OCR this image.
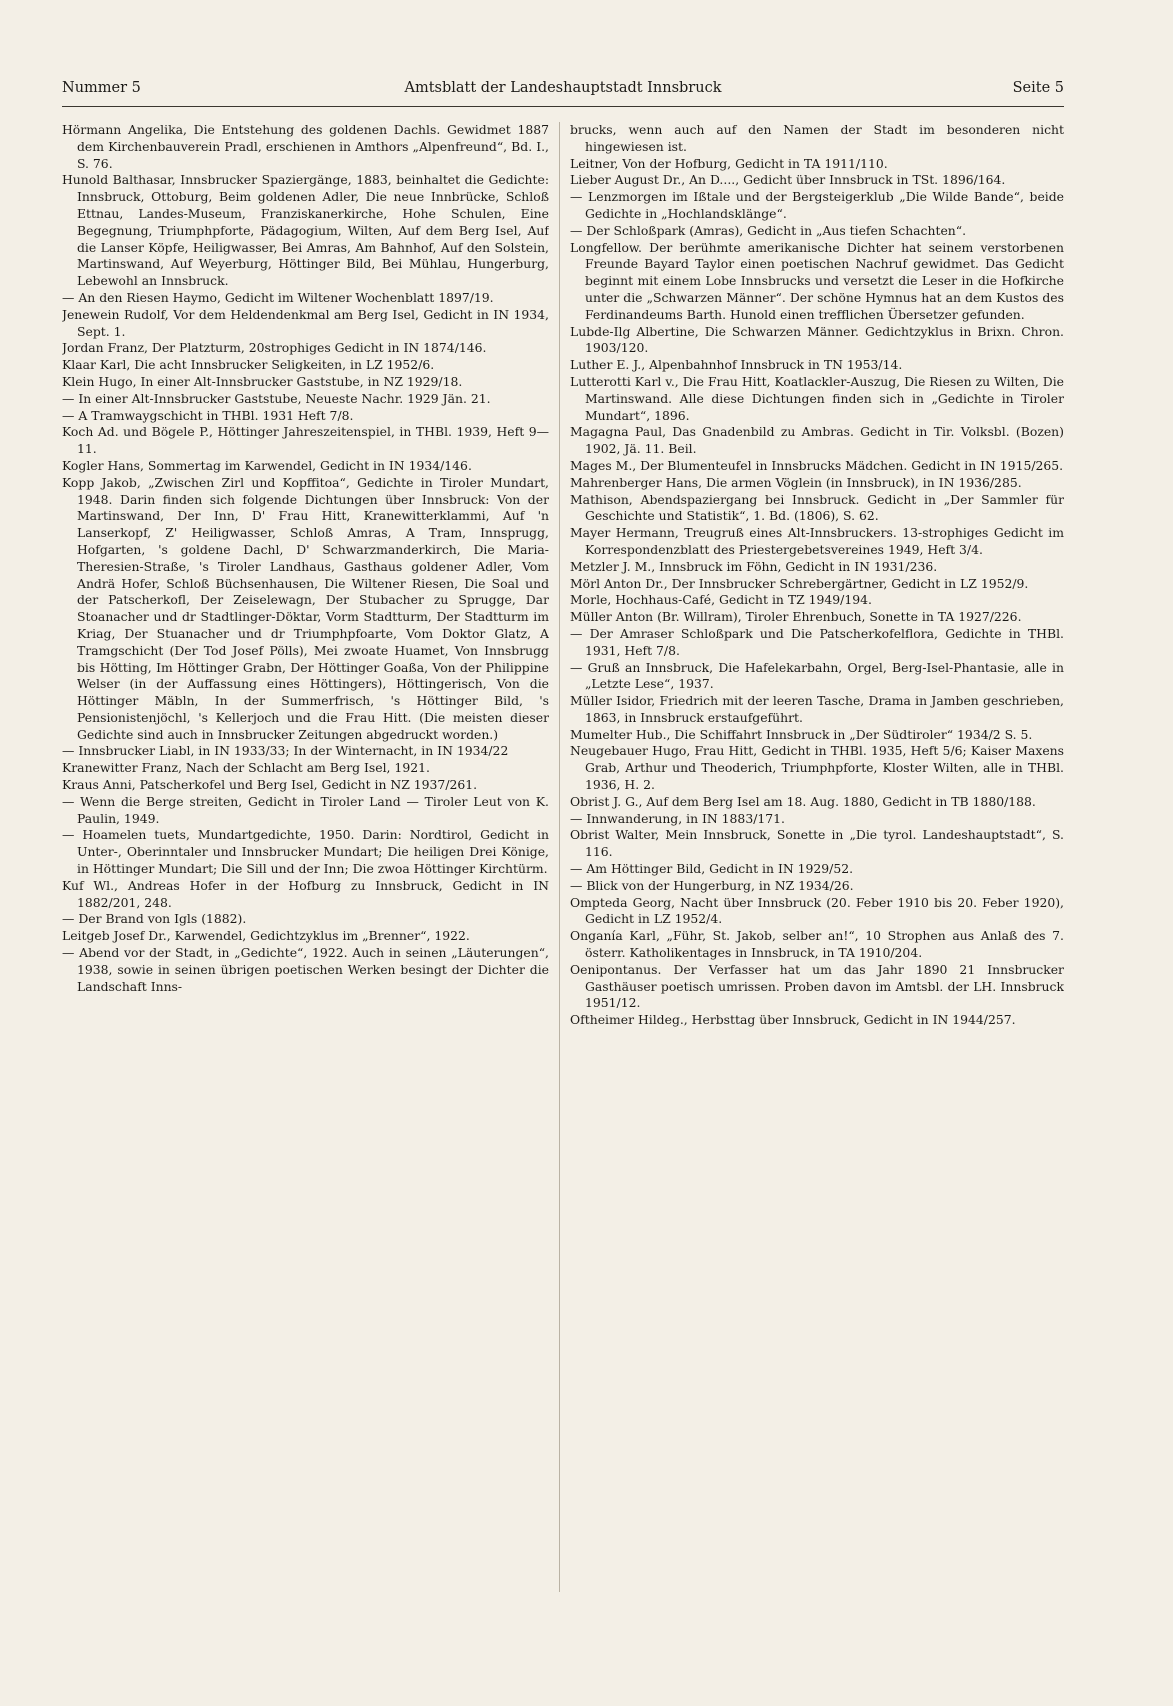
Nummer 5	Amtsblatt der Landeshauptstadt Innsbruck	Seite 5

Hörmann Angelika, Die Entstehung des goldenen Dachls. Gewidmet 1887 dem Kirchenbauverein Pradl, erschienen in Amthors „Alpenfreund“, Bd. I., S. 76.

Hunold Balthasar, Innsbrucker Spaziergänge, 1883, beinhaltet die Gedichte: Innsbruck, Ottoburg, Beim goldenen Adler, Die neue Innbrücke, Schloß Ettnau, Landes-Museum, Franziskanerkirche, Hohe Schulen, Eine Begegnung, Triumphpforte, Pädagogium, Wilten, Auf dem Berg Isel, Auf die Lanser Köpfe, Heiligwasser, Bei Amras, Am Bahnhof, Auf den Solstein, Martinswand, Auf Weyerburg, Höttinger Bild, Bei Mühlau, Hungerburg, Lebewohl an Innsbruck.

— An den Riesen Haymo, Gedicht im Wiltener Wochenblatt 1897/19.

Jenewein Rudolf, Vor dem Heldendenkmal am Berg Isel, Gedicht in IN 1934, Sept. 1.

Jordan Franz, Der Platzturm, 20strophiges Gedicht in IN 1874/146.

Klaar Karl, Die acht Innsbrucker Seligkeiten, in LZ 1952/6.

Klein Hugo, In einer Alt-Innsbrucker Gaststube, in NZ 1929/18.

— In einer Alt-Innsbrucker Gaststube, Neueste Nachr. 1929 Jän. 21.

— A Tramwaygschicht in THBl. 1931 Heft 7/8.

Koch Ad. und Bögele P., Höttinger Jahreszeitenspiel, in THBl. 1939, Heft 9—11.

Kogler Hans, Sommertag im Karwendel, Gedicht in IN 1934/146.

Kopp Jakob, „Zwischen Zirl und Kopffitoa“, Gedichte in Tiroler Mundart, 1948. Darin finden sich folgende Dichtungen über Innsbruck: Von der Martinswand, Der Inn, D' Frau Hitt, Kranewitterklammi, Auf 'n Lanserkopf, Z' Heiligwasser, Schloß Amras, A Tram, Innsprugg, Hofgarten, 's goldene Dachl, D' Schwarzmanderkirch, Die Maria-Theresien-Straße, 's Tiroler Landhaus, Gasthaus goldener Adler, Vom Andrä Hofer, Schloß Büchsenhausen, Die Wiltener Riesen, Die Soal und der Patscherkofl, Der Zeiselewagn, Der Stubacher zu Sprugge, Dar Stoanacher und dr Stadtlinger-Döktar, Vorm Stadtturm, Der Stadtturm im Kriag, Der Stuanacher und dr Triumphpfoarte, Vom Doktor Glatz, A Tramgschicht (Der Tod Josef Pölls), Mei zwoate Huamet, Von Innsbrugg bis Hötting, Im Höttinger Grabn, Der Höttinger Goaßa, Von der Philippine Welser (in der Auffassung eines Höttingers), Höttingerisch, Von die Höttinger Mäbln, In der Summerfrisch, 's Höttinger Bild, 's Pensionistenjöchl, 's Kellerjoch und die Frau Hitt. (Die meisten dieser Gedichte sind auch in Innsbrucker Zeitungen abgedruckt worden.)

— Innsbrucker Liabl, in IN 1933/33; In der Winternacht, in IN 1934/22

Kranewitter Franz, Nach der Schlacht am Berg Isel, 1921.

Kraus Anni, Patscherkofel und Berg Isel, Gedicht in NZ 1937/261.

— Wenn die Berge streiten, Gedicht in Tiroler Land — Tiroler Leut von K. Paulin, 1949.

— Hoamelen tuets, Mundartgedichte, 1950. Darin: Nordtirol, Gedicht in Unter-, Oberinntaler und Innsbrucker Mundart; Die heiligen Drei Könige, in Höttinger Mundart; Die Sill und der Inn; Die zwoa Höttinger Kirchtürm.

Kuf Wl., Andreas Hofer in der Hofburg zu Innsbruck, Gedicht in IN 1882/201, 248.

— Der Brand von Igls (1882).

Leitgeb Josef Dr., Karwendel, Gedichtzyklus im „Brenner“, 1922.

— Abend vor der Stadt, in „Gedichte“, 1922. Auch in seinen „Läuterungen“, 1938, sowie in seinen übrigen poetischen Werken besingt der Dichter die Landschaft Inns-

brucks, wenn auch auf den Namen der Stadt im besonderen nicht hingewiesen ist.

Leitner, Von der Hofburg, Gedicht in TA 1911/110.

Lieber August Dr., An D...., Gedicht über Innsbruck in TSt. 1896/164.

— Lenzmorgen im Ißtale und der Bergsteigerklub „Die Wilde Bande“, beide Gedichte in „Hochlandsklänge“.

— Der Schloßpark (Amras), Gedicht in „Aus tiefen Schachten“.

Longfellow. Der berühmte amerikanische Dichter hat seinem verstorbenen Freunde Bayard Taylor einen poetischen Nachruf gewidmet. Das Gedicht beginnt mit einem Lobe Innsbrucks und versetzt die Leser in die Hofkirche unter die „Schwarzen Männer“. Der schöne Hymnus hat an dem Kustos des Ferdinandeums Barth. Hunold einen trefflichen Übersetzer gefunden.

Lubde-Ilg Albertine, Die Schwarzen Männer. Gedichtzyklus in Brixn. Chron. 1903/120.

Luther E. J., Alpenbahnhof Innsbruck in TN 1953/14.

Lutterotti Karl v., Die Frau Hitt, Koatlackler-Auszug, Die Riesen zu Wilten, Die Martinswand. Alle diese Dichtungen finden sich in „Gedichte in Tiroler Mundart“, 1896.

Magagna Paul, Das Gnadenbild zu Ambras. Gedicht in Tir. Volksbl. (Bozen) 1902, Jä. 11. Beil.

Mages M., Der Blumenteufel in Innsbrucks Mädchen. Gedicht in IN 1915/265.

Mahrenberger Hans, Die armen Vöglein (in Innsbruck), in IN 1936/285.

Mathison, Abendspaziergang bei Innsbruck. Gedicht in „Der Sammler für Geschichte und Statistik“, 1. Bd. (1806), S. 62.

Mayer Hermann, Treugruß eines Alt-Innsbruckers. 13-strophiges Gedicht im Korrespondenzblatt des Priestergebetsvereines 1949, Heft 3/4.

Metzler J. M., Innsbruck im Föhn, Gedicht in IN 1931/236.

Mörl Anton Dr., Der Innsbrucker Schrebergärtner, Gedicht in LZ 1952/9.

Morle, Hochhaus-Café, Gedicht in TZ 1949/194.

Müller Anton (Br. Willram), Tiroler Ehrenbuch, Sonette in TA 1927/226.

— Der Amraser Schloßpark und Die Patscherkofelflora, Gedichte in THBl. 1931, Heft 7/8.

— Gruß an Innsbruck, Die Hafelekarbahn, Orgel, Berg-Isel-Phantasie, alle in „Letzte Lese“, 1937.

Müller Isidor, Friedrich mit der leeren Tasche, Drama in Jamben geschrieben, 1863, in Innsbruck erstaufgeführt.

Mumelter Hub., Die Schiffahrt Innsbruck in „Der Südtiroler“ 1934/2 S. 5.

Neugebauer Hugo, Frau Hitt, Gedicht in THBl. 1935, Heft 5/6; Kaiser Maxens Grab, Arthur und Theoderich, Triumphpforte, Kloster Wilten, alle in THBl. 1936, H. 2.

Obrist J. G., Auf dem Berg Isel am 18. Aug. 1880, Gedicht in TB 1880/188.

— Innwanderung, in IN 1883/171.

Obrist Walter, Mein Innsbruck, Sonette in „Die tyrol. Landeshauptstadt“, S. 116.

— Am Höttinger Bild, Gedicht in IN 1929/52.

— Blick von der Hungerburg, in NZ 1934/26.

Ompteda Georg, Nacht über Innsbruck (20. Feber 1910 bis 20. Feber 1920), Gedicht in LZ 1952/4.

Onganía Karl, „Führ, St. Jakob, selber an!“, 10 Strophen aus Anlaß des 7. österr. Katholikentages in Innsbruck, in TA 1910/204.

Oenipontanus. Der Verfasser hat um das Jahr 1890 21 Innsbrucker Gasthäuser poetisch umrissen. Proben davon im Amtsbl. der LH. Innsbruck 1951/12.

Oftheimer Hildeg., Herbsttag über Innsbruck, Gedicht in IN 1944/257.
